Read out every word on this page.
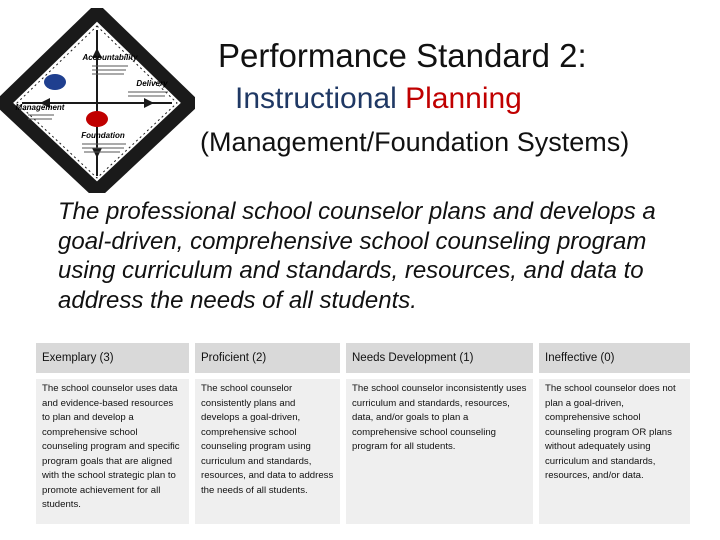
Accountability
Management
Delivery
Foundation
Performance Standard 2:
Instructional Planning
(Management/Foundation Systems)
The professional school counselor plans and develops a goal-driven, comprehensive school counseling program using curriculum and standards, resources, and data to address the needs of all students.
Exemplary (3)	Proficient (2)	Needs Development (1)	Ineffective (0)
The school counselor uses data and evidence-based resources to plan and develop a comprehensive school counseling program and specific program goals that are aligned with the school strategic plan to promote achievement for all students.	The school counselor consistently plans and develops a goal-driven, comprehensive school counseling program using curriculum and standards, resources, and data to address the needs of all students.	The school counselor inconsistently uses curriculum and standards, resources, data, and/or goals to plan a comprehensive school counseling program for all students.	The school counselor does not plan a goal-driven, comprehensive school counseling program OR plans without adequately using curriculum and standards, resources, and/or data.
